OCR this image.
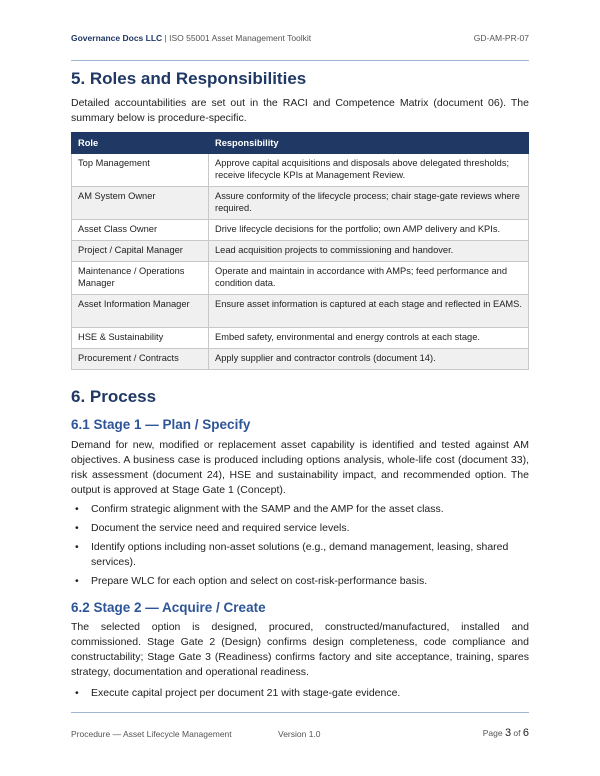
Governance Docs LLC | ISO 55001 Asset Management Toolkit	GD-AM-PR-07
5. Roles and Responsibilities

Detailed accountabilities are set out in the RACI and Competence Matrix (document 06). The summary below is procedure-specific.

Role	Responsibility
Top Management	Approve capital acquisitions and disposals above delegated thresholds; receive lifecycle KPIs at Management Review.
AM System Owner	Assure conformity of the lifecycle process; chair stage-gate reviews where required.
Asset Class Owner	Drive lifecycle decisions for the portfolio; own AMP delivery and KPIs.
Project / Capital Manager	Lead acquisition projects to commissioning and handover.
Maintenance / Operations Manager	Operate and maintain in accordance with AMPs; feed performance and condition data.
Asset Information Manager	Ensure asset information is captured at each stage and reflected in EAMS.
HSE & Sustainability	Embed safety, environmental and energy controls at each stage.
Procurement / Contracts	Apply supplier and contractor controls (document 14).
6. Process
6.1 Stage 1 — Plan / Specify

Demand for new, modified or replacement asset capability is identified and tested against AM objectives. A business case is produced including options analysis, whole-life cost (document 33), risk assessment (document 24), HSE and sustainability impact, and recommended option. The output is approved at Stage Gate 1 (Concept).

• Confirm strategic alignment with the SAMP and the AMP for the asset class.
• Document the service need and required service levels.
• Identify options including non-asset solutions (e.g., demand management, leasing, shared services).
• Prepare WLC for each option and select on cost-risk-performance basis.
6.2 Stage 2 — Acquire / Create

The selected option is designed, procured, constructed/manufactured, installed and commissioned. Stage Gate 2 (Design) confirms design completeness, code compliance and constructability; Stage Gate 3 (Readiness) confirms factory and site acceptance, training, spares strategy, documentation and operational readiness.

• Execute capital project per document 21 with stage-gate evidence.
Procedure — Asset Lifecycle Management	Version 1.0	Page 3 of 6
